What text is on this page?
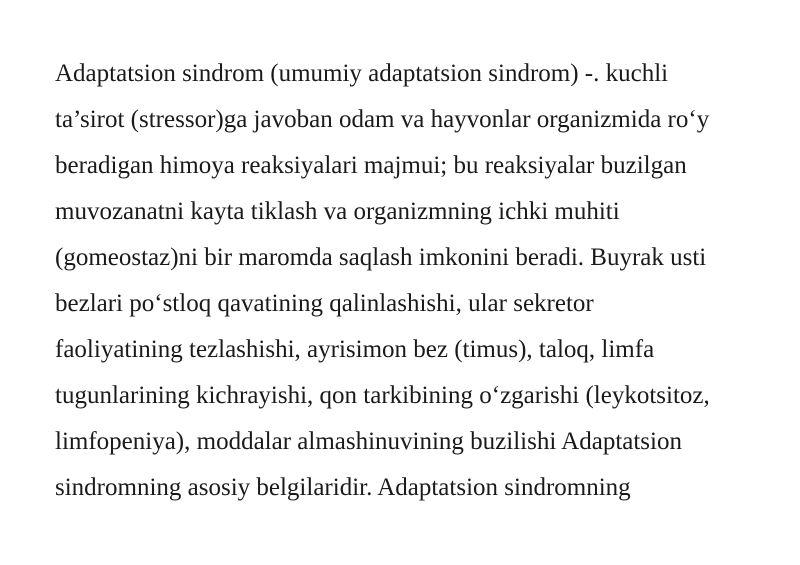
Adaptatsion sindrom (umumiy adaptatsion sindrom) -. kuchli
ta’sirot (stressor)ga javoban odam va hayvonlar organizmida ro‘y
beradigan himoya reaksiyalari majmui; bu reaksiyalar buzilgan
muvozanatni kayta tiklash va organizmning ichki muhiti
(gomeostaz)ni bir maromda saqlash imkonini beradi. Buyrak usti
bezlari po‘stloq qavatining qalinlashishi, ular sekretor
faoliyatining tezlashishi, ayrisimon bez (timus), taloq, limfa
tugunlarining kichrayishi, qon tarkibining o‘zgarishi (leykotsitoz,
limfopeniya), moddalar almashinuvining buzilishi Adaptatsion
sindromning asosiy belgilaridir. Adaptatsion sindromning
